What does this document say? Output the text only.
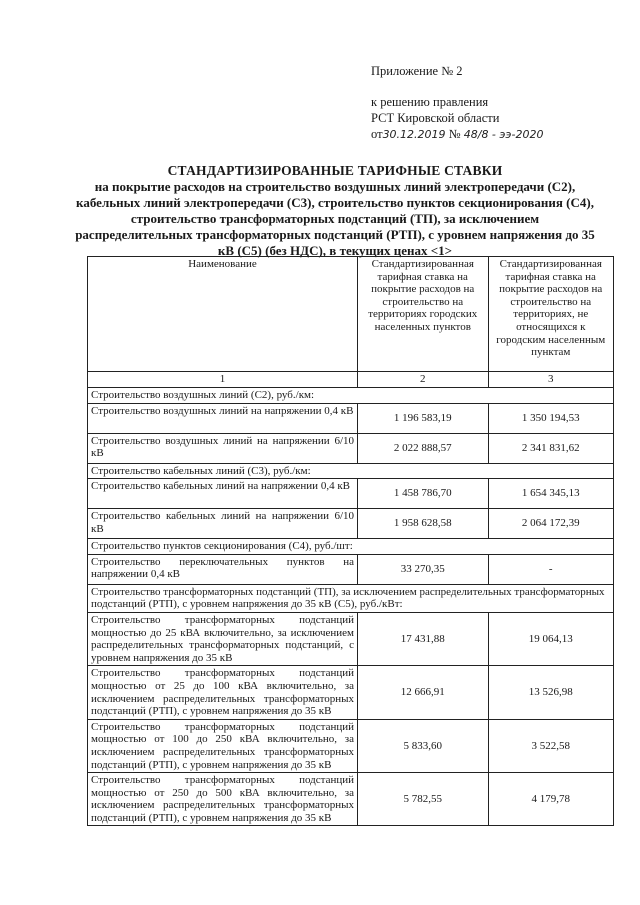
Приложение № 2
к решению правления
РСТ Кировской области
от30.12.2019 № 48/8 - ээ-2020
СТАНДАРТИЗИРОВАННЫЕ ТАРИФНЫЕ СТАВКИ
на покрытие расходов на строительство воздушных линий электропередачи (С2),
кабельных линий электропередачи (С3), строительство пунктов секционирования (С4),
строительство трансформаторных подстанций (ТП), за исключением
распределительных трансформаторных подстанций (РТП), с уровнем напряжения до 35
кВ (С5) (без НДС), в текущих ценах <1>
Наименование	Стандартизированная тарифная ставка на покрытие расходов на строительство на территориях городских населенных пунктов	Стандартизированная тарифная ставка на покрытие расходов на строительство на территориях, не относящихся к городским населенным пунктам
1	2	3
Строительство воздушных линий (С2), руб./км:		
Строительство воздушных линий на напряжении 0,4 кВ	1 196 583,19	1 350 194,53
Строительство воздушных линий на напряжении 6/10 кВ	2 022 888,57	2 341 831,62
Строительство кабельных линий (С3), руб./км:		
Строительство кабельных линий на напряжении 0,4 кВ	1 458 786,70	1 654 345,13
Строительство кабельных линий на напряжении 6/10 кВ	1 958 628,58	2 064 172,39
Строительство пунктов секционирования (С4), руб./шт:		
Строительство переключательных пунктов на напряжении 0,4 кВ	33 270,35	-
Строительство трансформаторных подстанций (ТП), за исключением распределительных трансформаторных подстанций (РТП), с уровнем напряжения до 35 кВ (С5), руб./кВт:		
Строительство трансформаторных подстанций мощностью до 25 кВА включительно, за исключением распределительных трансформаторных подстанций, с уровнем напряжения до 35 кВ	17 431,88	19 064,13
Строительство трансформаторных подстанций мощностью от 25 до 100 кВА включительно, за исключением распределительных трансформаторных подстанций (РТП), с уровнем напряжения до 35 кВ	12 666,91	13 526,98
Строительство трансформаторных подстанций мощностью от 100 до 250 кВА включительно, за исключением распределительных трансформаторных подстанций (РТП), с уровнем напряжения до 35 кВ	5 833,60	3 522,58
Строительство трансформаторных подстанций мощностью от 250 до 500 кВА включительно, за исключением распределительных трансформаторных подстанций (РТП), с уровнем напряжения до 35 кВ	5 782,55	4 179,78
